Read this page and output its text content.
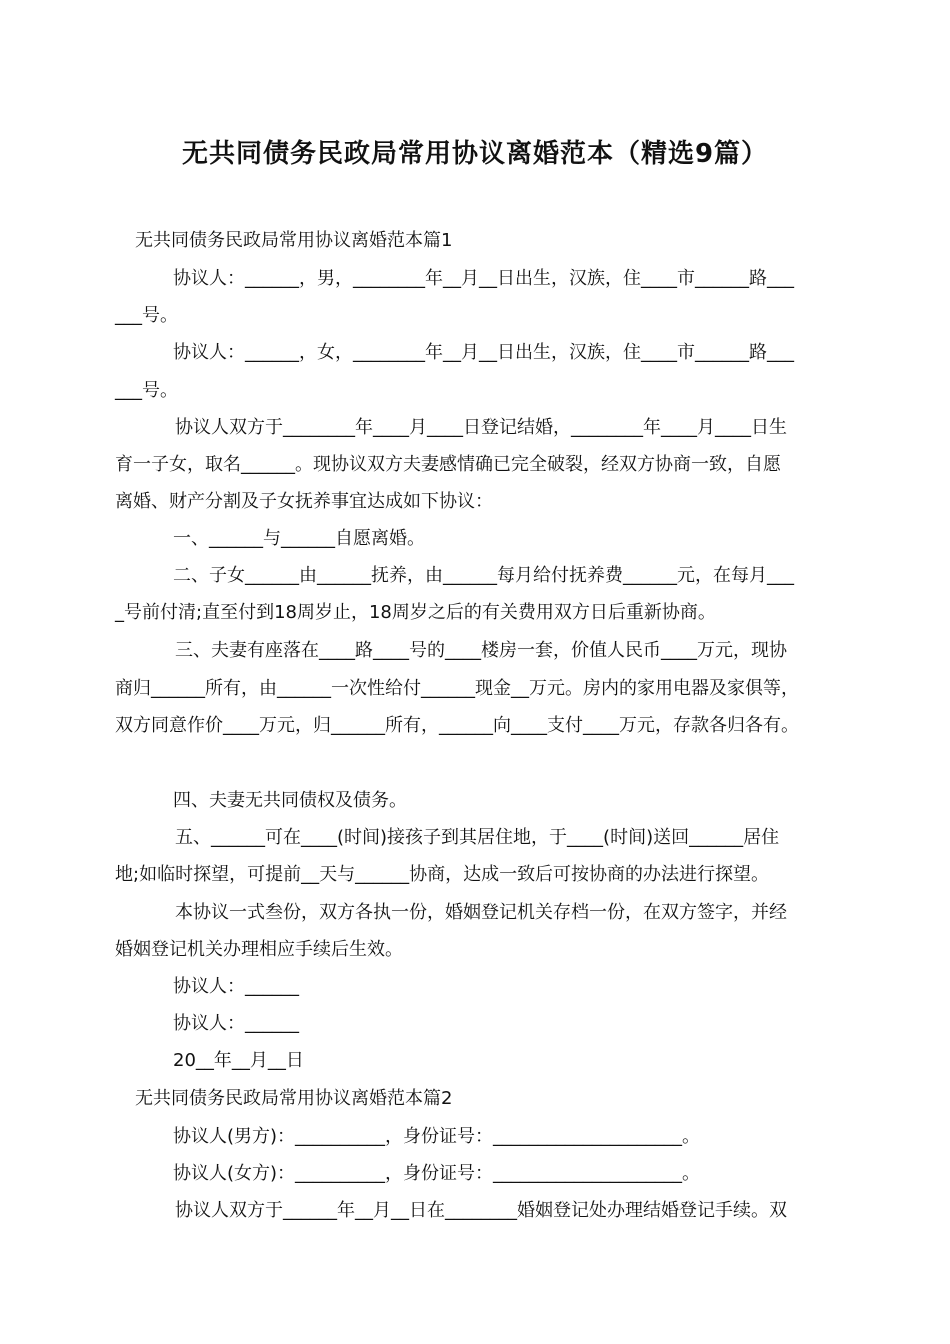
无共同债务民政局常用协议离婚范本（精选9篇）
无共同债务民政局常用协议离婚范本篇1
协议人：______，男，________年__月__日出生，汉族，住____市______路___
___号。
协议人：______，女，________年__月__日出生，汉族，住____市______路___
___号。
协议人双方于________年____月____日登记结婚，________年____月____日生
育一子女，取名______。现协议双方夫妻感情确已完全破裂，经双方协商一致，自愿
离婚、财产分割及子女抚养事宜达成如下协议：
一、______与______自愿离婚。
二、子女______由______抚养，由______每月给付抚养费______元，在每月___
_号前付清;直至付到18周岁止，18周岁之后的有关费用双方日后重新协商。
三、夫妻有座落在____路____号的____楼房一套，价值人民币____万元，现协
商归______所有，由______一次性给付______现金__万元。房内的家用电器及家俱等，
双方同意作价____万元，归______所有，______向____支付____万元，存款各归各有。
四、夫妻无共同债权及债务。
五、______可在____(时间)接孩子到其居住地，于____(时间)送回______居住
地;如临时探望，可提前__天与______协商，达成一致后可按协商的办法进行探望。
本协议一式叁份，双方各执一份，婚姻登记机关存档一份，在双方签字，并经
婚姻登记机关办理相应手续后生效。
协议人：______
协议人：______
20__年__月__日
无共同债务民政局常用协议离婚范本篇2
协议人(男方)：__________，身份证号：_____________________。
协议人(女方)：__________，身份证号：_____________________。
协议人双方于______年__月__日在________婚姻登记处办理结婚登记手续。双
